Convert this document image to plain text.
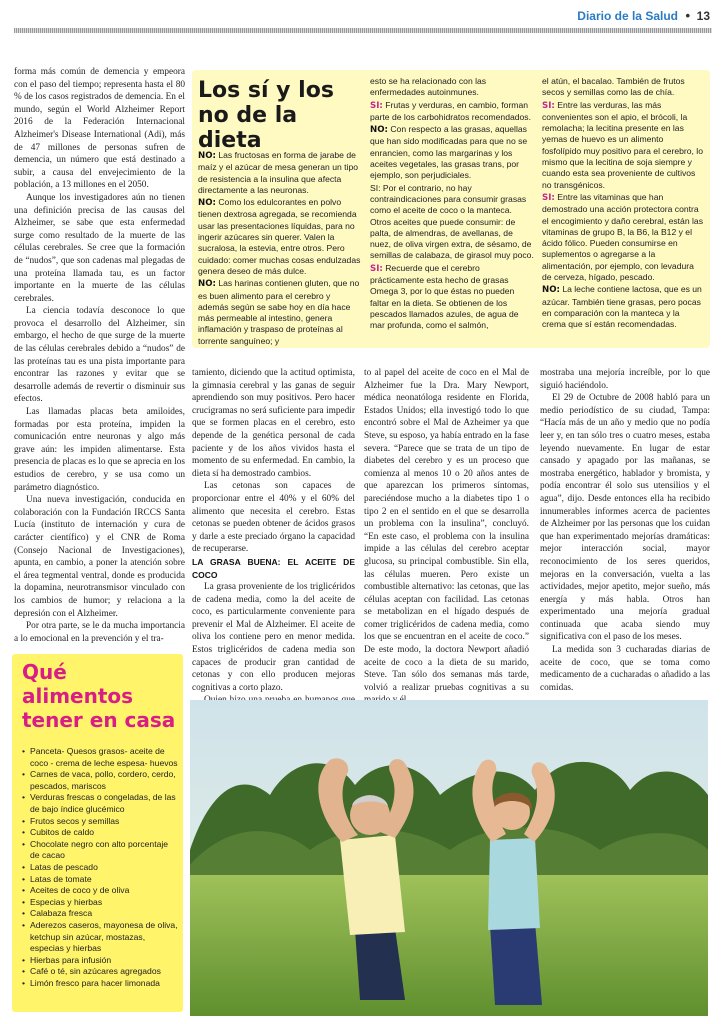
Diario de la Salud • 13

forma más común de demencia y empeora con el paso del tiempo; representa hasta el 80 % de los casos registrados de demencia. En el mundo, según el World Alzheimer Report 2016 de la Federación Internacional Alzheimer's Disease International (Adi), más de 47 millones de personas sufren de demencia, un número que está destinado a subir, a causa del envejecimiento de la población, a 13 millones en el 2050.

Aunque los investigadores aún no tienen una definición precisa de las causas del Alzheimer, se sabe que esta enfermedad surge como resultado de la muerte de las células cerebrales. Se cree que la formación de “nudos”, que son cadenas mal plegadas de una proteína llamada tau, es un factor importante en la muerte de las células cerebrales.

La ciencia todavía desconoce lo que provoca el desarrollo del Alzheimer, sin embargo, el hecho de que surge de la muerte de las células cerebrales debido a “nudos” de las proteínas tau es una pista importante para encontrar las razones y evitar que se desarrolle además de revertir o disminuir sus efectos.

Las llamadas placas beta amiloides, formadas por esta proteína, impiden la comunicación entre neuronas y algo más grave aún: les impiden alimentarse. Esta presencia de placas es lo que se aprecia en los estudios de cerebro, y se usa como un parámetro diagnóstico.

Una nueva investigación, conducida en colaboración con la Fundación IRCCS Santa Lucía (instituto de internación y cura de carácter científico) y el CNR de Roma (Consejo Nacional de Investigaciones), apunta, en cambio, a poner la atención sobre el área tegmental ventral, donde es producida la dopamina, neurotransmisor vinculado con los cambios de humor; y relaciona a la depresión con el Alzheimer.

Por otra parte, se le da mucha importancia a lo emocional en la prevención y el tra-

Los sí y los no de la dieta

NO: Las fructosas en forma de jarabe de maíz y el azúcar de mesa generan un tipo de resistencia a la insulina que afecta directamente a las neuronas.

NO: Como los edulcorantes en polvo tienen dextrosa agregada, se recomienda usar las presentaciones líquidas, para no ingerir azúcares sin querer. Valen la sucralosa, la estevia, entre otros. Pero cuidado: comer muchas cosas endulzadas genera deseo de más dulce.

NO: Las harinas contienen gluten, que no es buen alimento para el cerebro y además según se sabe hoy en día hace más permeable al intestino, genera inflamación y traspaso de proteínas al torrente sanguíneo; y

esto se ha relacionado con las enfermedades autoinmunes.

SI: Frutas y verduras, en cambio, forman parte de los carbohidratos recomendados.

NO: Con respecto a las grasas, aquellas que han sido modificadas para que no se enrancien, como las margarinas y los aceites vegetales, las grasas trans, por ejemplo, son perjudiciales.

SI: Por el contrario, no hay contraindicaciones para consumir grasas como el aceite de coco o la manteca. Otros aceites que puede consumir: de palta, de almendras, de avellanas, de nuez, de oliva virgen extra, de sésamo, de semillas de calabaza, de girasol muy poco.

SI: Recuerde que el cerebro prácticamente esta hecho de grasas Omega 3, por lo que éstas no pueden faltar en la dieta. Se obtienen de los pescados llamados azules, de agua de mar profunda, como el salmón,

el atún, el bacalao. También de frutos secos y semillas como las de chía.

SI: Entre las verduras, las más convenientes son el apio, el brócoli, la remolacha; la lecitina presente en las yemas de huevo es un alimento fosfolípido muy positivo para el cerebro, lo mismo que la lecitina de soja siempre y cuando esta sea proveniente de cultivos no transgénicos.

SI: Entre las vitaminas que han demostrado una acción protectora contra el encogimiento y daño cerebral, están las vitaminas de grupo B, la B6, la B12 y el ácido fólico. Pueden consumirse en suplementos o agregarse a la alimentación, por ejemplo, con levadura de cerveza, hígado, pescado.

NO: La leche contiene lactosa, que es un azúcar. También tiene grasas, pero pocas en comparación con la manteca y la crema que sí están recomendadas.

tamiento, diciendo que la actitud optimista, la gimnasia cerebral y las ganas de seguir aprendiendo son muy positivos. Pero hacer crucigramas no será suficiente para impedir que se formen placas en el cerebro, esto depende de la genética personal de cada paciente y de los años vividos hasta el momento de su enfermedad. En cambio, la dieta sí ha demostrado cambios.

Las cetonas son capaces de proporcionar entre el 40% y el 60% del alimento que necesita el cerebro. Estas cetonas se pueden obtener de ácidos grasos y darle a este preciado órgano la capacidad de recuperarse.

LA GRASA BUENA: EL ACEITE DE COCO

La grasa proveniente de los triglicéridos de cadena media, como la del aceite de coco, es particularmente conveniente para prevenir el Mal de Alzheimer. El aceite de oliva los contiene pero en menor medida. Estos triglicéridos de cadena media son capaces de producir gran cantidad de cetonas y con ello producen mejoras cognitivas a corto plazo.

to al papel del aceite de coco en el Mal de Alzheimer fue la Dra. Mary Newport, médica neonatóloga residente en Florida, Estados Unidos; ella investigó todo lo que encontró sobre el Mal de Azheimer ya que Steve, su esposo, ya había entrado en la fase severa. “Parece que se trata de un tipo de diabetes del cerebro y es un proceso que comienza al menos 10 o 20 años antes de que aparezcan los primeros síntomas, pareciéndose mucho a la diabetes tipo 1 o tipo 2 en el sentido en el que se desarrolla un problema con la insulina”, concluyó. “En este caso, el problema con la insulina impide a las células del cerebro aceptar glucosa, su principal combustible. Sin ella, las células mueren. Pero existe un combustible alternativo: las cetonas, que las células aceptan con facilidad. Las cetonas se metabolizan en el hígado después de comer triglicéridos de cadena media, como los que se encuentran en el aceite de coco.” De este modo, la doctora Newport añadió aceite de coco a la dieta de su marido, Steve. Tan sólo dos semanas más tarde, volvió a realizar pruebas cognitivas a su

mostraba una mejoría increíble, por lo que siguió haciéndolo.

El 29 de Octubre de 2008 habló para un medio periodístico de su ciudad, Tampa: “Hacía más de un año y medio que no podía leer y, en tan sólo tres o cuatro meses, estaba leyendo nuevamente. En lugar de estar cansado y apagado por las mañanas, se mostraba energético, hablador y bromista, y podía encontrar él solo sus utensilios y el agua”, dijo. Desde entonces ella ha recibido innumerables informes acerca de pacientes de Alzheimer por las personas que los cuidan que han experimentado mejorías dramáticas: mejor interacción social, mayor reconocimiento de los seres queridos, mejoras en la conversación, vuelta a las actividades, mejor apetito, mejor sueño, más energía y más habla. Otros han experimentado una mejoría gradual continuada que acaba siendo muy significativa con el paso de los meses.

La medida son 3 cucharadas diarias de aceite de coco, que se toma como medicamento de a cucharadas o añadido a las comidas.

Qué alimentos tener en casa
• Panceta- Quesos grasos- aceite de coco - crema de leche espesa- huevos
• Carnes de vaca, pollo, cordero, cerdo, pescados, mariscos
• Verduras frescas o congeladas, de las de bajo índice glucémico
• Frutos secos y semillas
• Cubitos de caldo
• Chocolate negro con alto porcentaje de cacao
• Latas de pescado
• Latas de tomate
• Aceites de coco y de oliva
• Especias y hierbas
• Calabaza fresca
• Aderezos caseros, mayonesa de oliva, ketchup sin azúcar, mostazas, especias y hierbas
• Hierbas para infusión
• Café o té, sin azúcares agregados
• Limón fresco para hacer limonada
